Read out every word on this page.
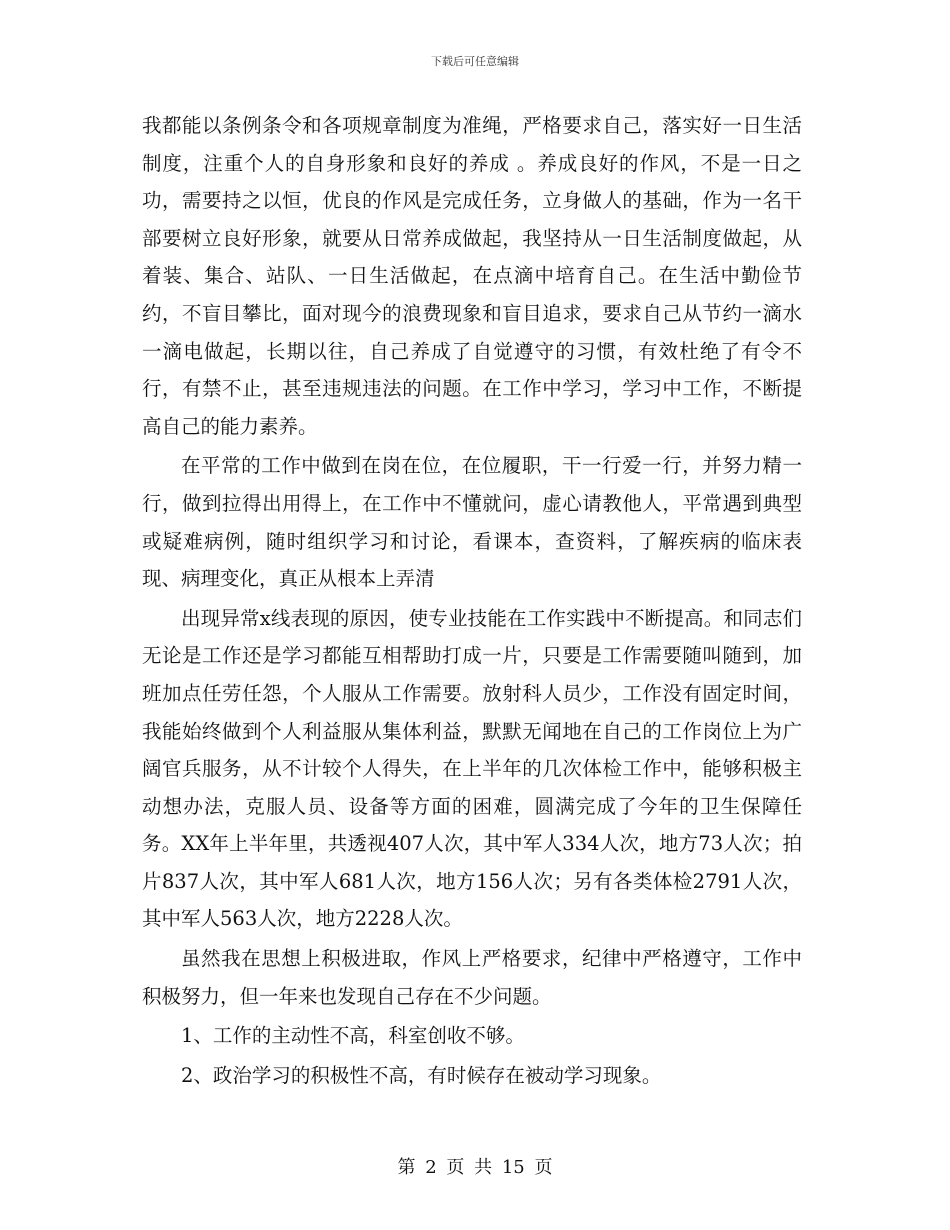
下载后可任意编辑

我都能以条例条令和各项规章制度为准绳，严格要求自己，落实好一日生活制度，注重个人的自身形象和良好的养成 。养成良好的作风，不是一日之功，需要持之以恒，优良的作风是完成任务，立身做人的基础，作为一名干部要树立良好形象，就要从日常养成做起，我坚持从一日生活制度做起，从着装、集合、站队、一日生活做起，在点滴中培育自己。在生活中勤俭节约，不盲目攀比，面对现今的浪费现象和盲目追求，要求自己从节约一滴水一滴电做起，长期以往，自己养成了自觉遵守的习惯，有效杜绝了有令不行，有禁不止，甚至违规违法的问题。在工作中学习，学习中工作，不断提高自己的能力素养。

在平常的工作中做到在岗在位，在位履职，干一行爱一行，并努力精一行，做到拉得出用得上，在工作中不懂就问，虚心请教他人，平常遇到典型或疑难病例，随时组织学习和讨论，看课本，查资料，了解疾病的临床表现、病理变化，真正从根本上弄清

出现异常x线表现的原因，使专业技能在工作实践中不断提高。和同志们无论是工作还是学习都能互相帮助打成一片，只要是工作需要随叫随到，加班加点任劳任怨，个人服从工作需要。放射科人员少，工作没有固定时间，我能始终做到个人利益服从集体利益，默默无闻地在自己的工作岗位上为广阔官兵服务，从不计较个人得失，在上半年的几次体检工作中，能够积极主动想办法，克服人员、设备等方面的困难，圆满完成了今年的卫生保障任务。XX年上半年里，共透视407人次，其中军人334人次，地方73人次；拍片837人次，其中军人681人次，地方156人次；另有各类体检2791人次，其中军人563人次，地方2228人次。

虽然我在思想上积极进取，作风上严格要求，纪律中严格遵守，工作中积极努力，但一年来也发现自己存在不少问题。

1、工作的主动性不高，科室创收不够。

2、政治学习的积极性不高，有时候存在被动学习现象。

第 2 页 共 15 页
